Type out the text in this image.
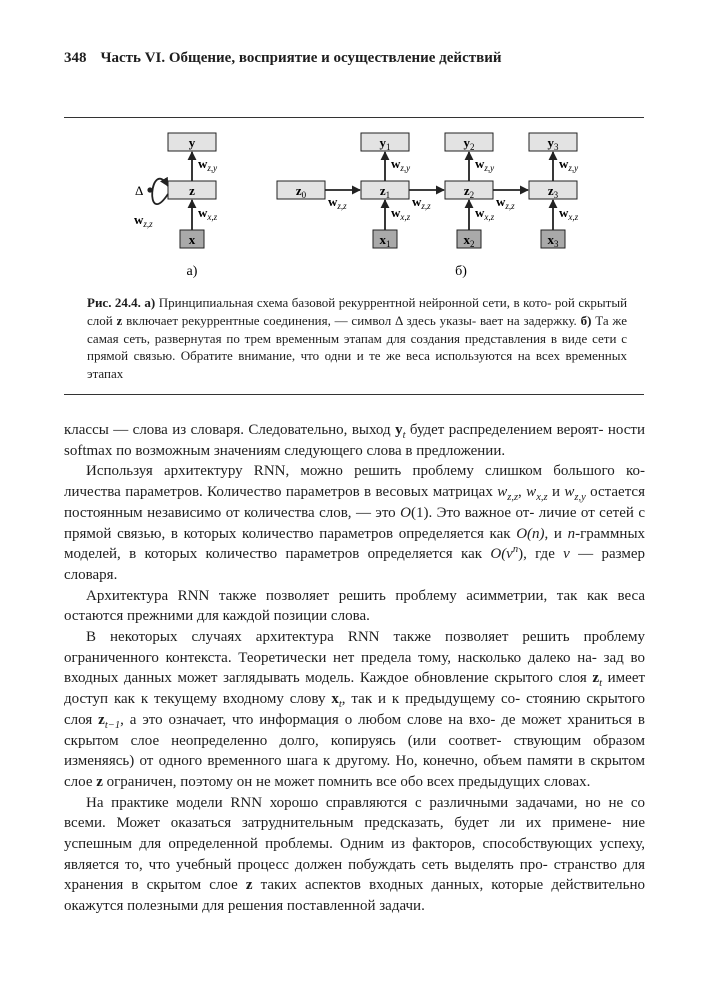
348 Часть VI. Общение, восприятие и осуществление действий
y
z
x
$w_{z,y}$
$w_{x,z}$
Δ
$w_{z,z}$
а)
$z_0$
$y_1$
$z_1$
$x_1$
$y_2$
$z_2$
$x_2$
$y_3$
$z_3$
$x_3$
$w_{z,y}$	$w_{z,y}$	$w_{z,y}$
$w_{x,z}$	$w_{x,z}$	$w_{x,z}$
$w_{z,z}$	$w_{z,z}$	$w_{z,z}$
б)
Рис. 24.4. а) Принципиальная схема базовой рекуррентной нейронной сети, в кото- рой скрытый слой z включает рекуррентные соединения, — символ Δ здесь указы- вает на задержку. б) Та же самая сеть, развернутая по трем временным этапам для создания представления в виде сети с прямой связью. Обратите внимание, что одни и те же веса используются на всех временных этапах

классы — слова из словаря. Следовательно, выход $y_t$ будет распределением вероят- ности softmax по возможным значениям следующего слова в предложении.

Используя архитектуру RNN, можно решить проблему слишком большого ко- личества параметров. Количество параметров в весовых матрицах $w_{z,z}$, $w_{x,z}$ и $w_{z,y}$ остается постоянным независимо от количества слов, — это O(1). Это важное от- личие от сетей с прямой связью, в которых количество параметров определяется как O(n), и n-граммных моделей, в которых количество параметров определяется как $O(v^n)$, где v — размер словаря.

Архитектура RNN также позволяет решить проблему асимметрии, так как веса остаются прежними для каждой позиции слова.

В некоторых случаях архитектура RNN также позволяет решить проблему ограниченного контекста. Теоретически нет предела тому, насколько далеко на- зад во входных данных может заглядывать модель. Каждое обновление скрытого слоя $z_t$ имеет доступ как к текущему входному слову $x_t$, так и к предыдущему со- стоянию скрытого слоя $z_{t-1}$, а это означает, что информация о любом слове на вхо- де может храниться в скрытом слое неопределенно долго, копируясь (или соответ- ствующим образом изменяясь) от одного временного шага к другому. Но, конечно, объем памяти в скрытом слое z ограничен, поэтому он не может помнить все обо всех предыдущих словах.

На практике модели RNN хорошо справляются с различными задачами, но не со всеми. Может оказаться затруднительным предсказать, будет ли их примене- ние успешным для определенной проблемы. Одним из факторов, способствующих успеху, является то, что учебный процесс должен побуждать сеть выделять про- странство для хранения в скрытом слое z таких аспектов входных данных, которые действительно окажутся полезными для решения поставленной задачи.
